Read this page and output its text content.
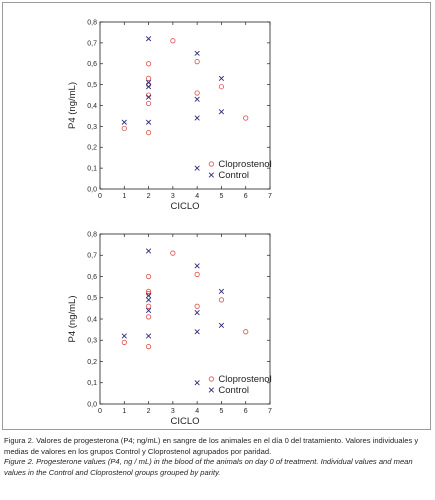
0,0
0,1
0,2
0,3
0,4
0,5
0,6
0,7
0,8
0	1	2	3	4	5	6	7
CICLO
P4 (ng/mL)
Cloprostenol
Control
0,0
0,1
0,2
0,3
0,4
0,5
0,6
0,7
0,8
0	1	2	3	4	5	6	7
CICLO
P4 (ng/mL)
Cloprostenol
Control

Figura 2. Valores de progesterona (P4; ng/mL) en sangre de los animales en el día 0 del tratamiento. Valores individuales y medias de valores en los grupos Control y Cloprostenol agrupados por paridad.

Figure 2. Progesterone values (P4, ng / mL) in the blood of the animals on day 0 of treatment. Individual values and mean values in the Control and Cloprostenol groups grouped by parity.
